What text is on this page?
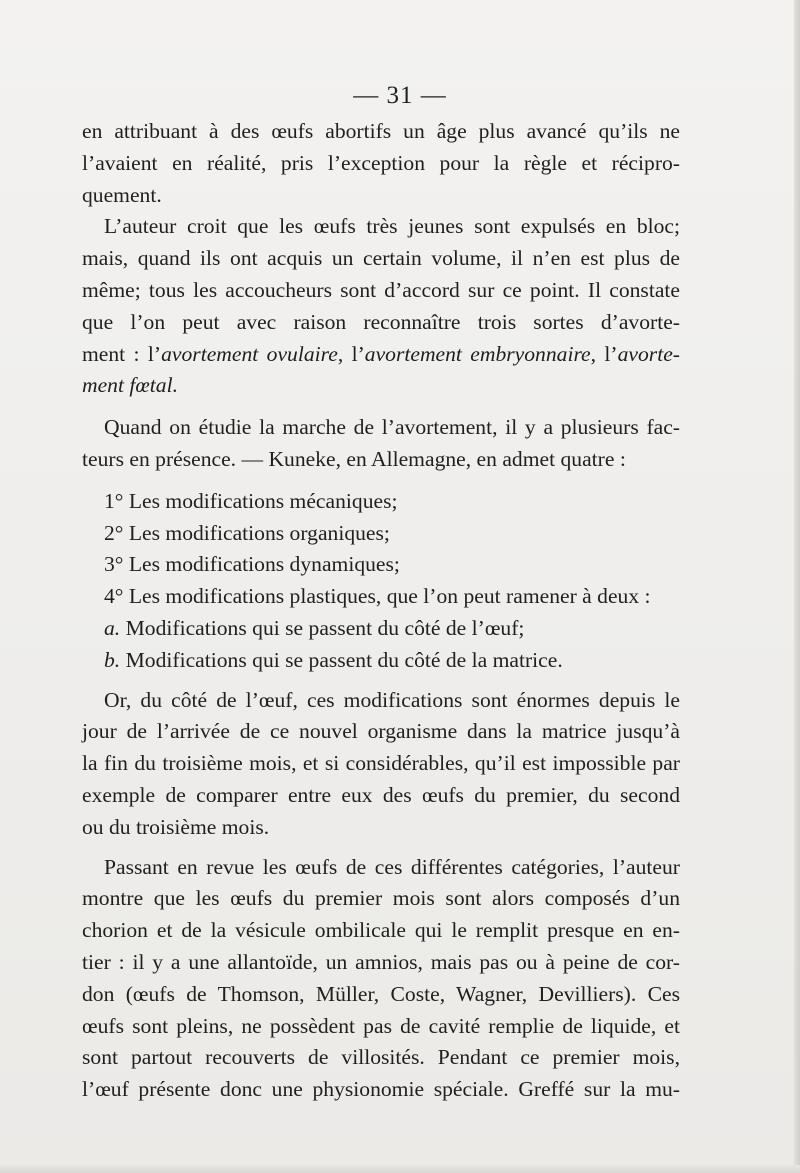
— 31 —

en attribuant à des œufs abortifs un âge plus avancé qu’ils ne

l’avaient en réalité, pris l’exception pour la règle et récipro-

quement.

L’auteur croit que les œufs très jeunes sont expulsés en bloc;

mais, quand ils ont acquis un certain volume, il n’en est plus de

même; tous les accoucheurs sont d’accord sur ce point. Il constate

que l’on peut avec raison reconnaître trois sortes d’avorte-

ment : l’avortement ovulaire, l’avortement embryonnaire, l’avorte-

ment fœtal.

Quand on étudie la marche de l’avortement, il y a plusieurs fac-

teurs en présence. — Kuneke, en Allemagne, en admet quatre :

1° Les modifications mécaniques;

2° Les modifications organiques;

3° Les modifications dynamiques;

4° Les modifications plastiques, que l’on peut ramener à deux :

a. Modifications qui se passent du côté de l’œuf;

b. Modifications qui se passent du côté de la matrice.

Or, du côté de l’œuf, ces modifications sont énormes depuis le

jour de l’arrivée de ce nouvel organisme dans la matrice jusqu’à

la fin du troisième mois, et si considérables, qu’il est impossible par

exemple de comparer entre eux des œufs du premier, du second

ou du troisième mois.

Passant en revue les œufs de ces différentes catégories, l’auteur

montre que les œufs du premier mois sont alors composés d’un

chorion et de la vésicule ombilicale qui le remplit presque en en-

tier : il y a une allantoïde, un amnios, mais pas ou à peine de cor-

don (œufs de Thomson, Müller, Coste, Wagner, Devilliers). Ces

œufs sont pleins, ne possèdent pas de cavité remplie de liquide, et

sont partout recouverts de villosités. Pendant ce premier mois,

l’œuf présente donc une physionomie spéciale. Greffé sur la mu-
